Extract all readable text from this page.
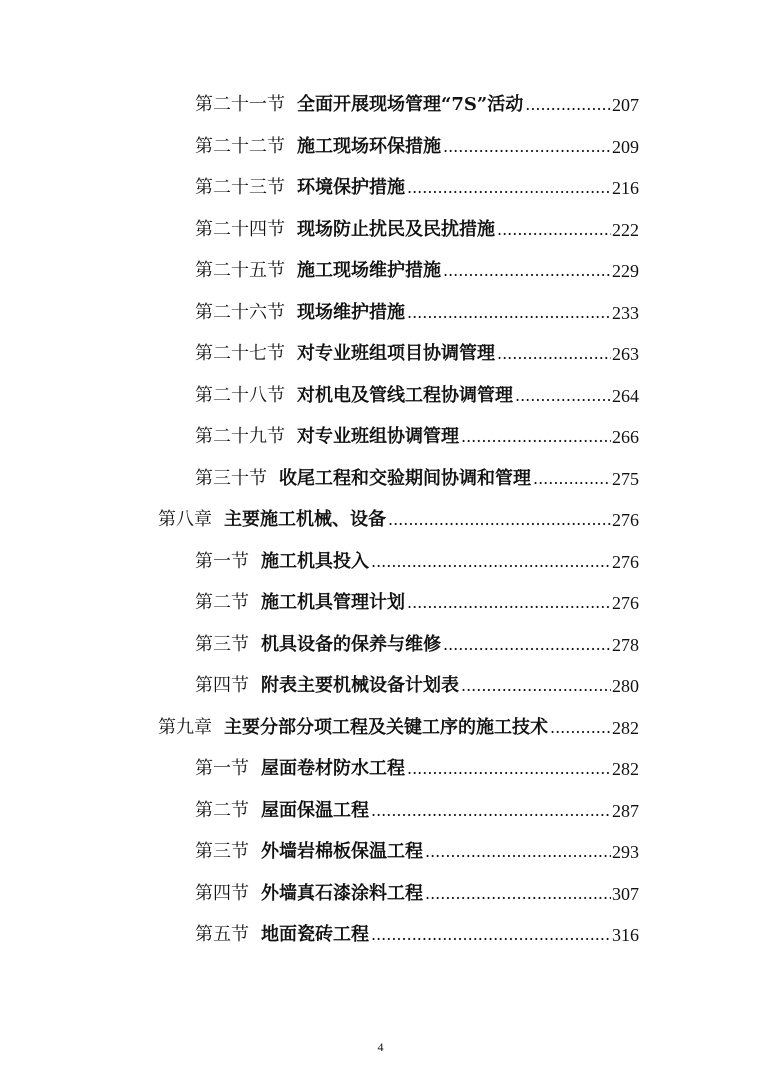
第二十一节 全面开展现场管理“7S”活动 .....	207
第二十二节 施工现场环保措施 .....	209
第二十三节 环境保护措施 .....	216
第二十四节 现场防止扰民及民扰措施 .....	222
第二十五节 施工现场维护措施 .....	229
第二十六节 现场维护措施 .....	233
第二十七节 对专业班组项目协调管理 .....	263
第二十八节 对机电及管线工程协调管理 .....	264
第二十九节 对专业班组协调管理 .....	266
第三十节 收尾工程和交验期间协调和管理 .....	275
第八章 主要施工机械、设备 .....	276
第一节 施工机具投入 .....	276
第二节 施工机具管理计划 .....	276
第三节 机具设备的保养与维修 .....	278
第四节 附表主要机械设备计划表 .....	280
第九章 主要分部分项工程及关键工序的施工技术 .....	282
第一节 屋面卷材防水工程 .....	282
第二节 屋面保温工程 .....	287
第三节 外墙岩棉板保温工程 .....	293
第四节 外墙真石漆涂料工程 .....	307
第五节 地面瓷砖工程 .....	316
4
